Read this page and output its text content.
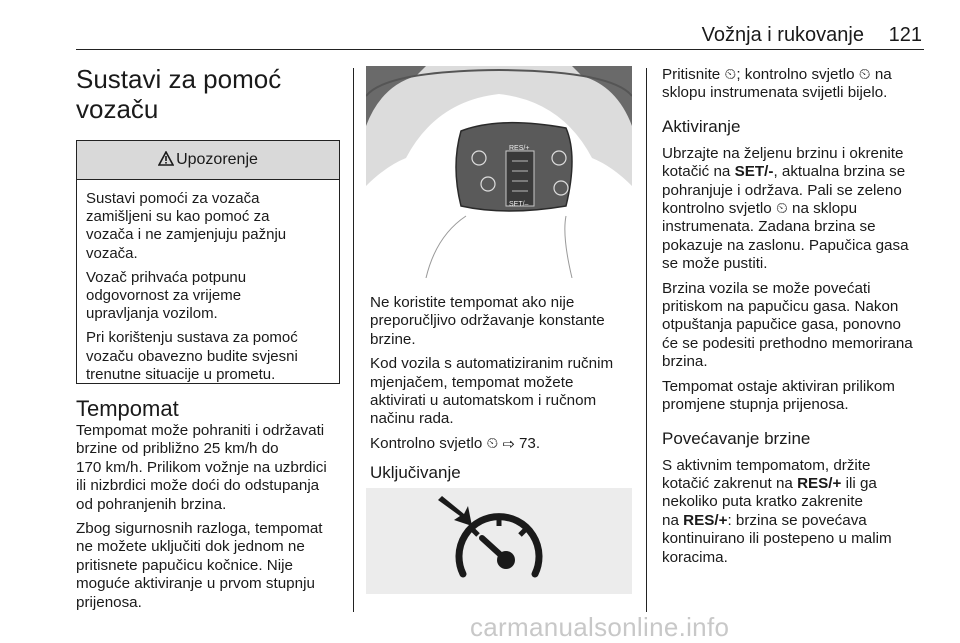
Vožnja i rukovanje 121
Sustavi za pomoć
vozaču
Upozorenje

Sustavi pomoći za vozača
zamišljeni su kao pomoć za
vozača i ne zamjenjuju pažnju
vozača.

Vozač prihvaća potpunu
odgovornost za vrijeme
upravljanja vozilom.

Pri korištenju sustava za pomoć
vozaču obavezno budite svjesni
trenutne situacije u prometu.

Tempomat

Tempomat može pohraniti i održavati
brzine od približno 25 km/h do
170 km/h. Prilikom vožnje na uzbrdici
ili nizbrdici može doći do odstupanja
od pohranjenih brzina.

Zbog sigurnosnih razloga, tempomat
ne možete uključiti dok jednom ne
pritisnete papučicu kočnice. Nije
moguće aktiviranje u prvom stupnju
prijenosa.

RES/+
SET/–

Ne koristite tempomat ako nije
preporučljivo održavanje konstante
brzine.

Kod vozila s automatiziranim ručnim
mjenjačem, tempomat možete
aktivirati u automatskom i ručnom
načinu rada.

Kontrolno svjetlo ⏲ ⇨ 73.

Uključivanje

Pritisnite ⏲; kontrolno svjetlo ⏲ na
sklopu instrumenata svijetli bijelo.

Aktiviranje

Ubrzajte na željenu brzinu i okrenite
kotačić na SET/-, aktualna brzina se
pohranjuje i održava. Pali se zeleno
kontrolno svjetlo ⏲ na sklopu
instrumenata. Zadana brzina se
pokazuje na zaslonu. Papučica gasa
se može pustiti.

Brzina vozila se može povećati
pritiskom na papučicu gasa. Nakon
otpuštanja papučice gasa, ponovno
će se podesiti prethodno memorirana
brzina.

Tempomat ostaje aktiviran prilikom
promjene stupnja prijenosa.

Povećavanje brzine

S aktivnim tempomatom, držite
kotačić zakrenut na RES/+ ili ga
nekoliko puta kratko zakrenite
na RES/+: brzina se povećava
kontinuirano ili postepeno u malim
koracima.

carmanualsonline.info
